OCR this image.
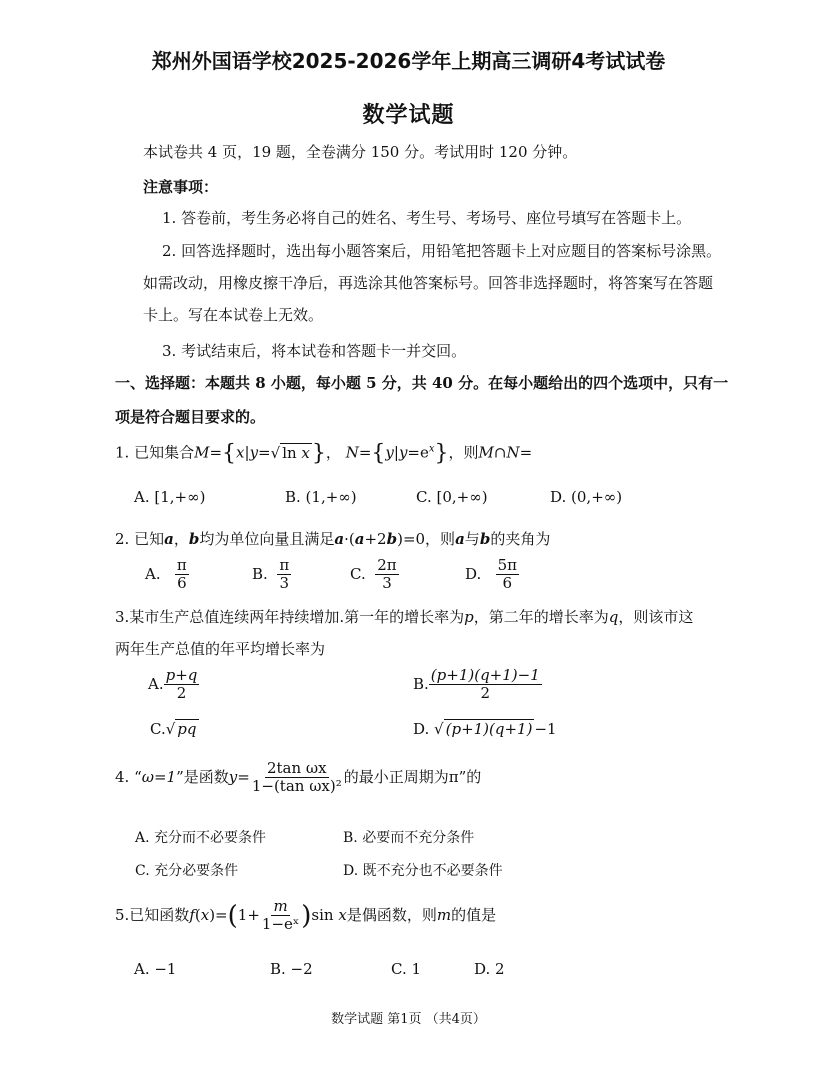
郑州外国语学校2025-2026学年上期高三调研4考试试卷
数学试题
本试卷共 4 页，19 题，全卷满分 150 分。考试用时 120 分钟。
注意事项：
1. 答卷前，考生务必将自己的姓名、考生号、考场号、座位号填写在答题卡上。
2. 回答选择题时，选出每小题答案后，用铅笔把答题卡上对应题目的答案标号涂黑。
如需改动，用橡皮擦干净后，再选涂其他答案标号。回答非选择题时，将答案写在答题
卡上。写在本试卷上无效。
3. 考试结束后，将本试卷和答题卡一并交回。
一、选择题：本题共 8 小题，每小题 5 分，共 40 分。在每小题给出的四个选项中，只有一
项是符合题目要求的。
1. 已知集合M={x|y=√ ln x}， $N=\{y|y=e^x\}$，则M∩N=
A. [1,+∞)	B. (1,+∞)	C. [0,+∞)	D. (0,+∞)
2. 已知a，b均为单位向量且满足a·(a+2b)=0，则a与b的夹角为
A. $\frac{\pi}{6}$	B. $\frac{\pi}{3}$	C. $\frac{2\pi}{3}$	D. $\frac{5\pi}{6}$
3.某市生产总值连续两年持续增加.第一年的增长率为p，第二年的增长率为q，则该市这
两年生产总值的年平均增长率为
A. $\frac{p+q}{2}$	B. $\frac{(p+1)(q+1)-1}{2}$
C.√ pq	D. √ (p+1)(q+1) −1
4. “ω=1”是函数$y= \frac{\text{2tan ωx}}{\text{1−(tan ωx)²}}$ 的最小正周期为π”的
A. 充分而不必要条件	B. 必要而不充分条件
C. 充分必要条件	D. 既不充分也不必要条件
5.已知函数$f(x)=(1+ \frac{m}{\text{1−eˣ}} )\sin$ x是偶函数，则m的值是
A. −1	B. −2	C. 1	D. 2
数学试题 第1页 （共4页）
